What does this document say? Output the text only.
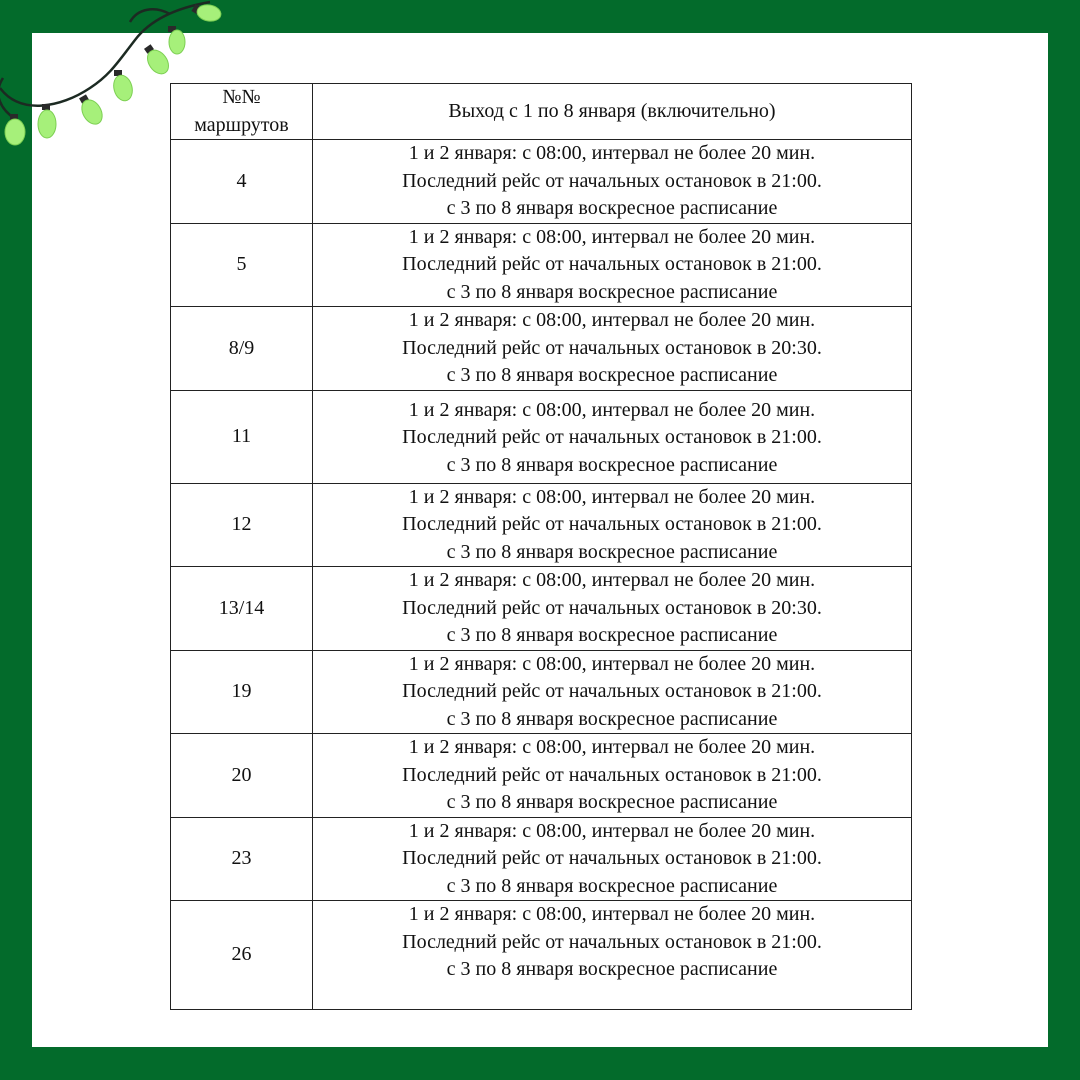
№№
маршрутов	Выход с 1 по 8 января (включительно)
4	1 и 2 января: с 08:00, интервал не более 20 мин.
Последний рейс от начальных остановок в 21:00.
с 3 по 8 января воскресное расписание

5	1 и 2 января: с 08:00, интервал не более 20 мин.
Последний рейс от начальных остановок в 21:00.
с 3 по 8 января воскресное расписание

8/9	1 и 2 января: с 08:00, интервал не более 20 мин.
Последний рейс от начальных остановок в 20:30.
с 3 по 8 января воскресное расписание

11	1 и 2 января: с 08:00, интервал не более 20 мин.
Последний рейс от начальных остановок в 21:00.
с 3 по 8 января воскресное расписание

12	1 и 2 января: с 08:00, интервал не более 20 мин.
Последний рейс от начальных остановок в 21:00.
с 3 по 8 января воскресное расписание

13/14	1 и 2 января: с 08:00, интервал не более 20 мин.
Последний рейс от начальных остановок в 20:30.
с 3 по 8 января воскресное расписание

19	1 и 2 января: с 08:00, интервал не более 20 мин.
Последний рейс от начальных остановок в 21:00.
с 3 по 8 января воскресное расписание

20	1 и 2 января: с 08:00, интервал не более 20 мин.
Последний рейс от начальных остановок в 21:00.
с 3 по 8 января воскресное расписание

23	1 и 2 января: с 08:00, интервал не более 20 мин.
Последний рейс от начальных остановок в 21:00.
с 3 по 8 января воскресное расписание

26	1 и 2 января: с 08:00, интервал не более 20 мин.
Последний рейс от начальных остановок в 21:00.
с 3 по 8 января воскресное расписание
